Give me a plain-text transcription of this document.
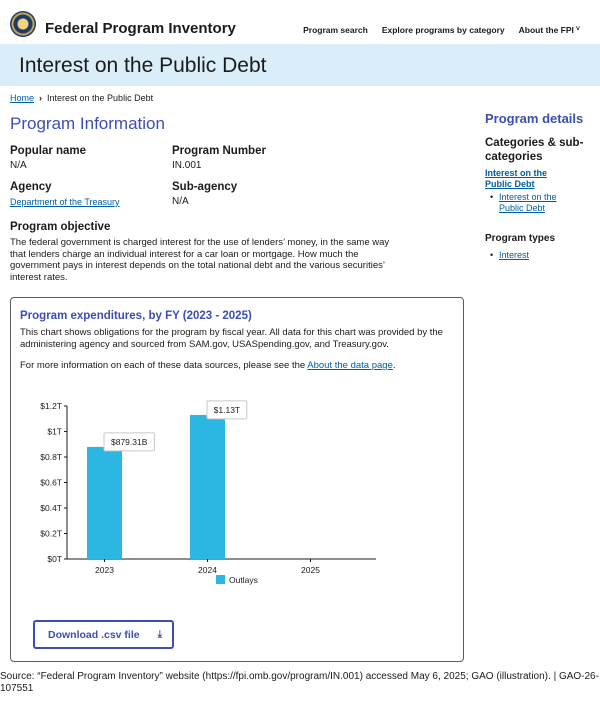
Federal Program Inventory	Program search Explore programs by category About the FPI ˅
Interest on the Public Debt
Home › Interest on the Public Debt
Program Information
Popular name
N/A
Program Number
IN.001
Agency
Department of the Treasury
Sub-agency
N/A
Program objective
The federal government is charged interest for the use of lenders’ money, in the same way that lenders charge an individual interest for a car loan or mortgage. How much the government pays in interest depends on the total national debt and the various securities’ interest rates.
Program expenditures, by FY (2023 - 2025)
This chart shows obligations for the program by fiscal year. All data for this chart was provided by the administering agency and sourced from SAM.gov, USASpending.gov, and Treasury.gov.
For more information on each of these data sources, please see the About the data page.
$0T
$0.2T
$0.4T
$0.6T
$0.8T
$1T
$1.2T
2023
$879.31B
2024
$1.13T
2025
Outlays
Download .csv file ⤓
Program details
Categories & sub-categories
Interest on the Public Debt
• Interest on the Public Debt
Program types
• Interest
Source: “Federal Program Inventory” website (https://fpi.omb.gov/program/IN.001) accessed May 6, 2025; GAO (illustration). | GAO-26-107551
